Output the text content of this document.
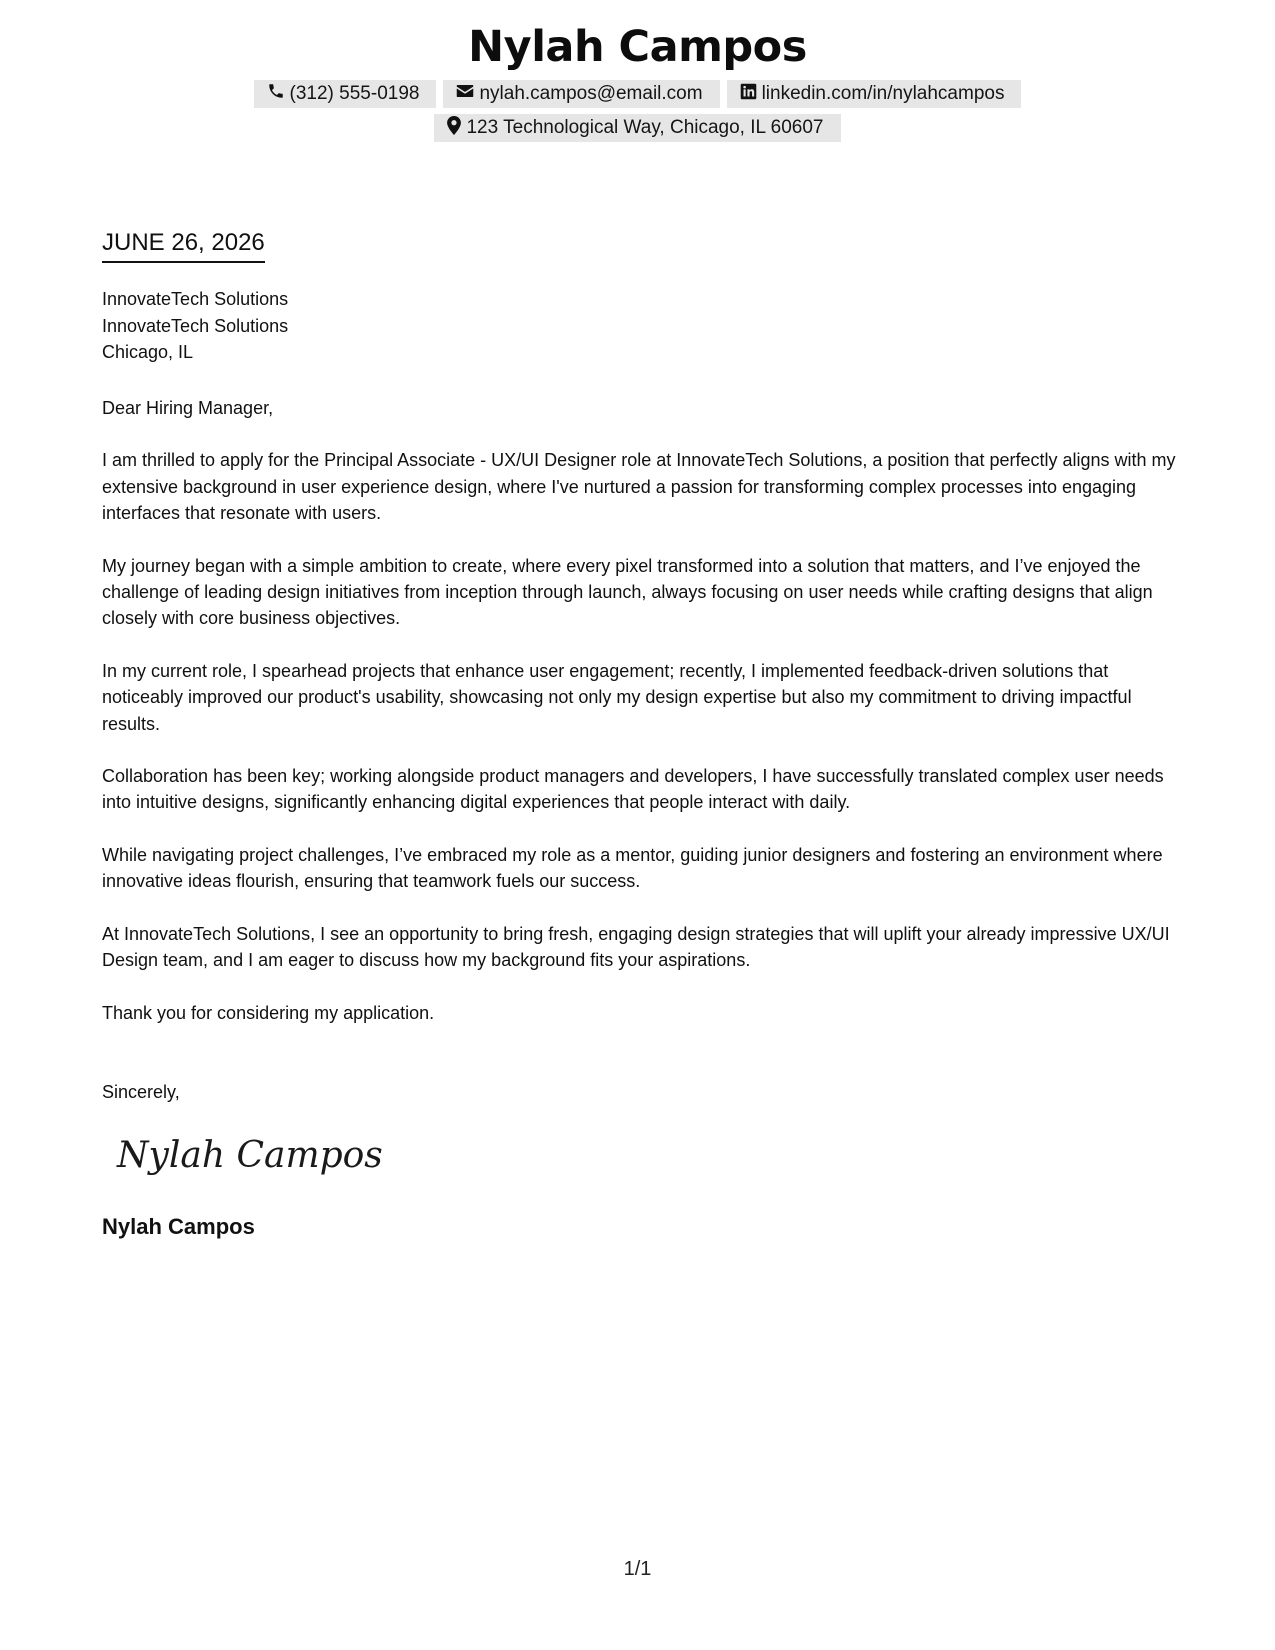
Nylah Campos
(312) 555-0198	nylah.campos@email.com	linkedin.com/in/nylahcampos
123 Technological Way, Chicago, IL 60607
JUNE 26, 2026
InnovateTech Solutions
InnovateTech Solutions
Chicago, IL

Dear Hiring Manager,

I am thrilled to apply for the Principal Associate - UX/UI Designer role at InnovateTech Solutions, a position that perfectly aligns with my extensive background in user experience design, where I've nurtured a passion for transforming complex processes into engaging interfaces that resonate with users.

My journey began with a simple ambition to create, where every pixel transformed into a solution that matters, and I’ve enjoyed the challenge of leading design initiatives from inception through launch, always focusing on user needs while crafting designs that align closely with core business objectives.

In my current role, I spearhead projects that enhance user engagement; recently, I implemented feedback-driven solutions that noticeably improved our product's usability, showcasing not only my design expertise but also my commitment to driving impactful results.

Collaboration has been key; working alongside product managers and developers, I have successfully translated complex user needs into intuitive designs, significantly enhancing digital experiences that people interact with daily.

While navigating project challenges, I’ve embraced my role as a mentor, guiding junior designers and fostering an environment where innovative ideas flourish, ensuring that teamwork fuels our success.

At InnovateTech Solutions, I see an opportunity to bring fresh, engaging design strategies that will uplift your already impressive UX/UI Design team, and I am eager to discuss how my background fits your aspirations.

Thank you for considering my application.

Sincerely,
Nylah Campos
Nylah Campos
1/1
